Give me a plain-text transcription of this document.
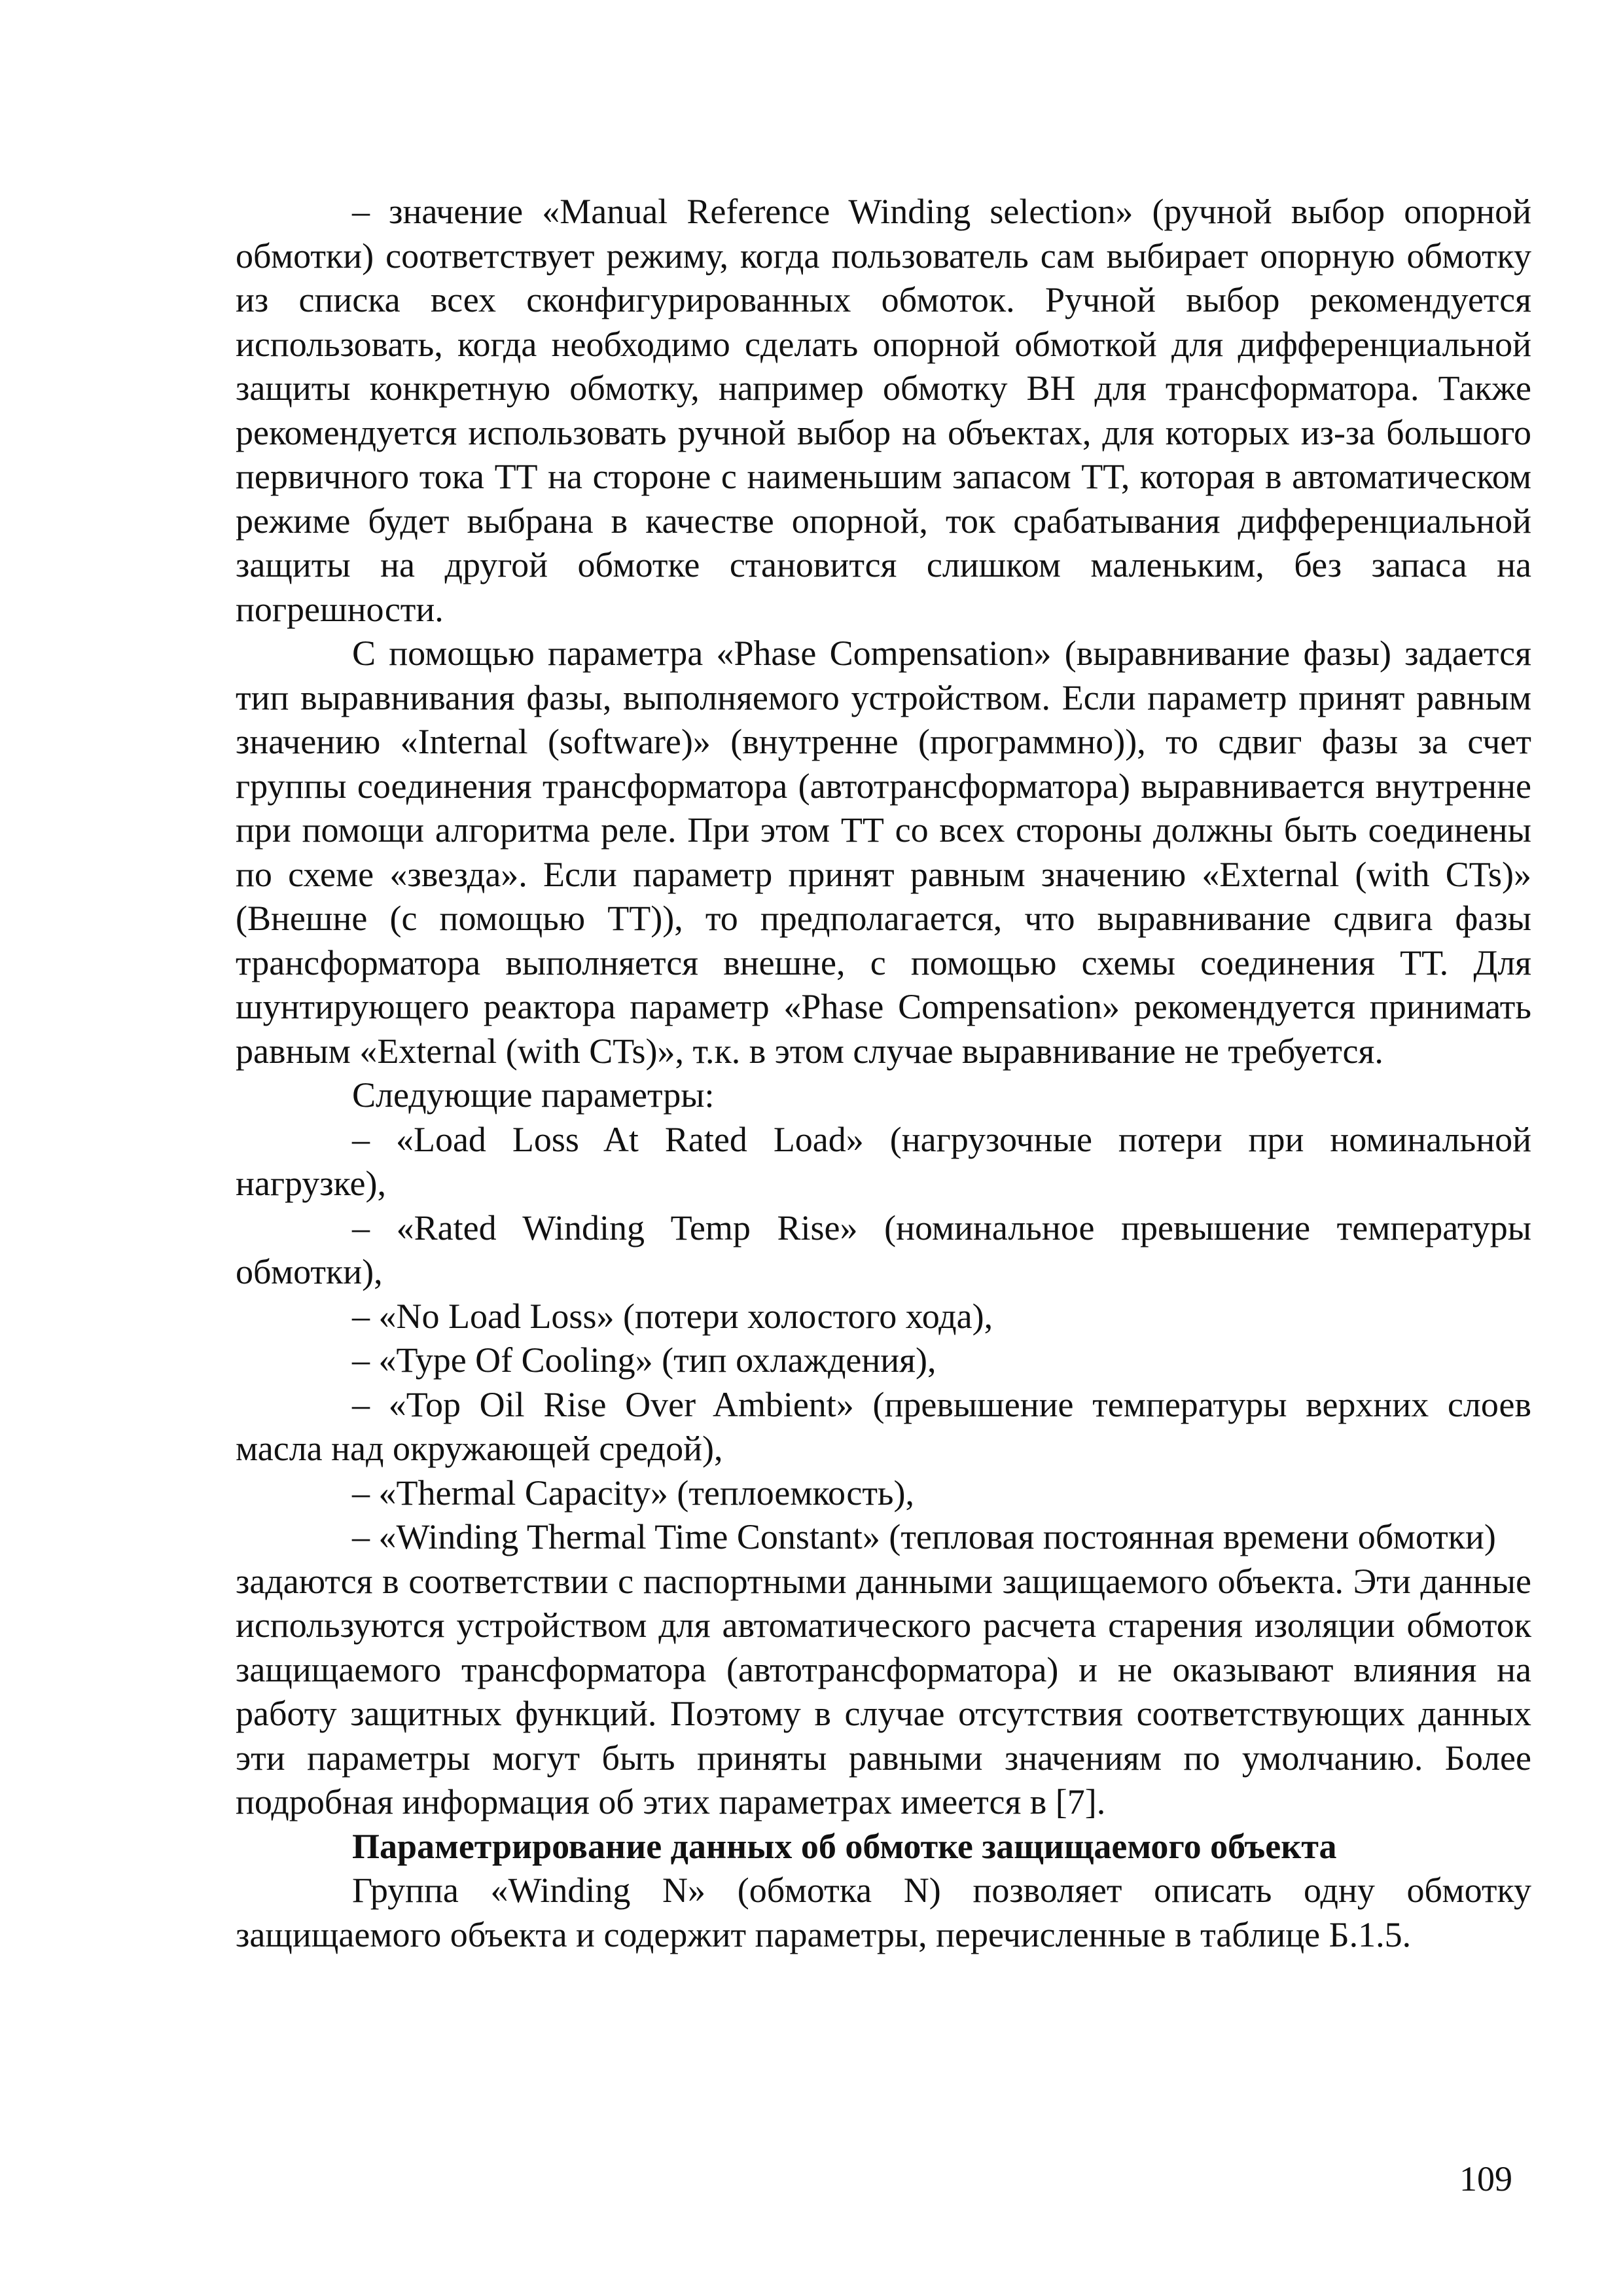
– значение «Manual Reference Winding selection» (ручной выбор опорной обмотки) соответствует режиму, когда пользователь сам выбирает опорную обмотку из списка всех сконфигурированных обмоток. Ручной выбор рекомендуется использовать, когда необходимо сделать опорной обмоткой для дифференциальной защиты конкретную обмотку, например обмотку ВН для трансформатора. Также рекомендуется использовать ручной выбор на объектах, для которых из-за большого первичного тока ТТ на стороне с наименьшим запасом ТТ, которая в автоматическом режиме будет выбрана в качестве опорной, ток срабатывания дифференциальной защиты на другой обмотке становится слишком маленьким, без запаса на погрешности.

С помощью параметра «Phase Compensation» (выравнивание фазы) задается тип выравнивания фазы, выполняемого устройством. Если параметр принят равным значению «Internal (software)» (внутренне (программно)), то сдвиг фазы за счет группы соединения трансформатора (автотрансформатора) выравнивается внутренне при помощи алгоритма реле. При этом ТТ со всех стороны должны быть соединены по схеме «звезда». Если параметр принят равным значению «External (with CTs)» (Внешне (с помощью ТТ)), то предполагается, что выравнивание сдвига фазы трансформатора выполняется внешне, с помощью схемы соединения ТТ. Для шунтирующего реактора параметр «Phase Compensation» рекомендуется принимать равным «External (with CTs)», т.к. в этом случае выравнивание не требуется.

Следующие параметры:

– «Load Loss At Rated Load» (нагрузочные потери при номинальной нагрузке),

– «Rated Winding Temp Rise» (номинальное превышение температуры обмотки),

– «No Load Loss» (потери холостого хода),

– «Type Of Cooling» (тип охлаждения),

– «Top Oil Rise Over Ambient» (превышение температуры верхних слоев масла над окружающей средой),

– «Thermal Capacity» (теплоемкость),

– «Winding Thermal Time Constant» (тепловая постоянная времени обмотки)

задаются в соответствии с паспортными данными защищаемого объекта. Эти данные используются устройством для автоматического расчета старения изоляции обмоток защищаемого трансформатора (автотрансформатора) и не оказывают влияния на работу защитных функций. Поэтому в случае отсутствия соответствующих данных эти параметры могут быть приняты равными значениям по умолчанию. Более подробная информация об этих параметрах имеется в [7].

Параметрирование данных об обмотке защищаемого объекта

Группа «Winding N» (обмотка N) позволяет описать одну обмотку защищаемого объекта и содержит параметры, перечисленные в таблице Б.1.5.

109
